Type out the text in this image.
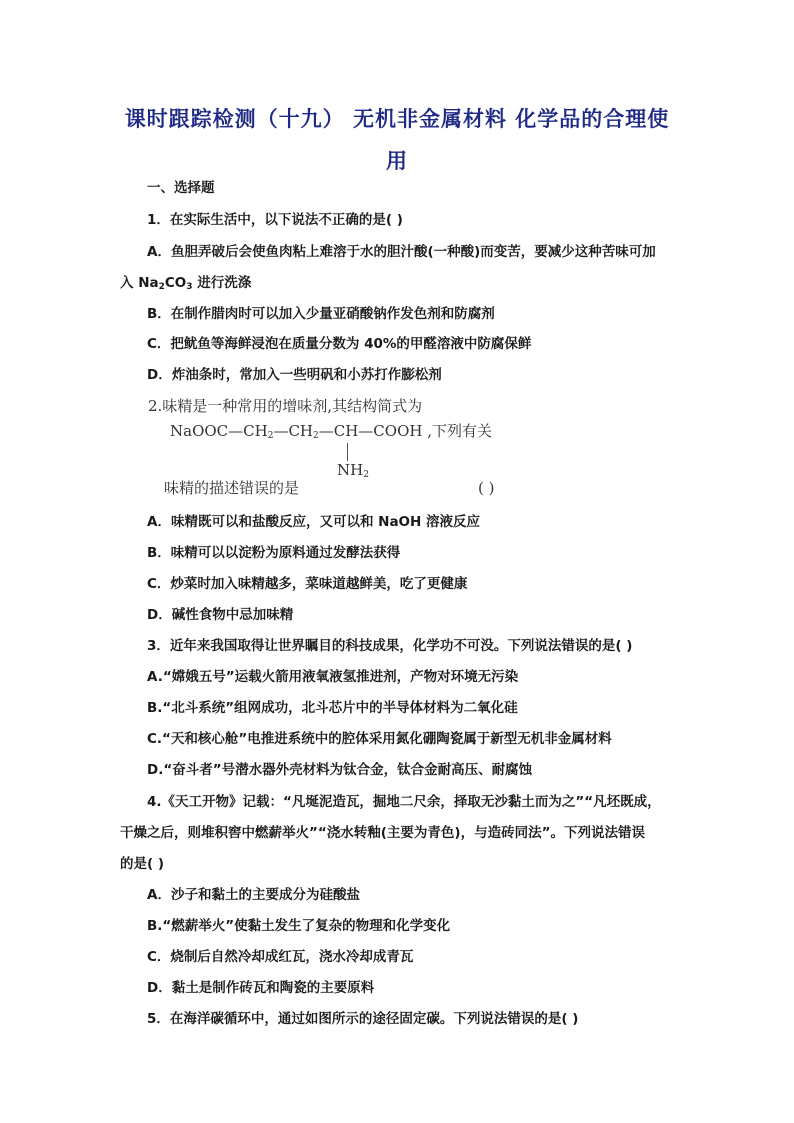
课时跟踪检测（十九） 无机非金属材料 化学品的合理使
用
一、选择题
1．在实际生活中，以下说法不正确的是( )
A．鱼胆弄破后会使鱼肉粘上难溶于水的胆汁酸(一种酸)而变苦，要减少这种苦味可加
入 $Na_2CO_3$ 进行洗涤
B．在制作腊肉时可以加入少量亚硝酸钠作发色剂和防腐剂
C．把鱿鱼等海鲜浸泡在质量分数为 40%的甲醛溶液中防腐保鲜
D．炸油条时，常加入一些明矾和小苏打作膨松剂
2.味精是一种常用的增味剂,其结构简式为
$NaOOC—CH_2—CH_2—CH—COOH$ ,下列有关
$NH_2$
味精的描述错误的是	( )
A．味精既可以和盐酸反应，又可以和 NaOH 溶液反应
B．味精可以以淀粉为原料通过发酵法获得
C．炒菜时加入味精越多，菜味道越鲜美，吃了更健康
D．碱性食物中忌加味精
3．近年来我国取得让世界瞩目的科技成果，化学功不可没。下列说法错误的是( )
A.“嫦娥五号”运载火箭用液氧液氢推进剂，产物对环境无污染
B.“北斗系统”组网成功，北斗芯片中的半导体材料为二氧化硅
C.“天和核心舱”电推进系统中的腔体采用氮化硼陶瓷属于新型无机非金属材料
D.“奋斗者”号潜水器外壳材料为钛合金，钛合金耐高压、耐腐蚀
4.《天工开物》记载：“凡埏泥造瓦，掘地二尺余，择取无沙黏土而为之”“凡坯既成，
干燥之后，则堆积窖中燃薪举火”“浇水转釉(主要为青色)，与造砖同法”。下列说法错误
的是( )
A．沙子和黏土的主要成分为硅酸盐
B.“燃薪举火”使黏土发生了复杂的物理和化学变化
C．烧制后自然冷却成红瓦，浇水冷却成青瓦
D．黏土是制作砖瓦和陶瓷的主要原料
5．在海洋碳循环中，通过如图所示的途径固定碳。下列说法错误的是( )
